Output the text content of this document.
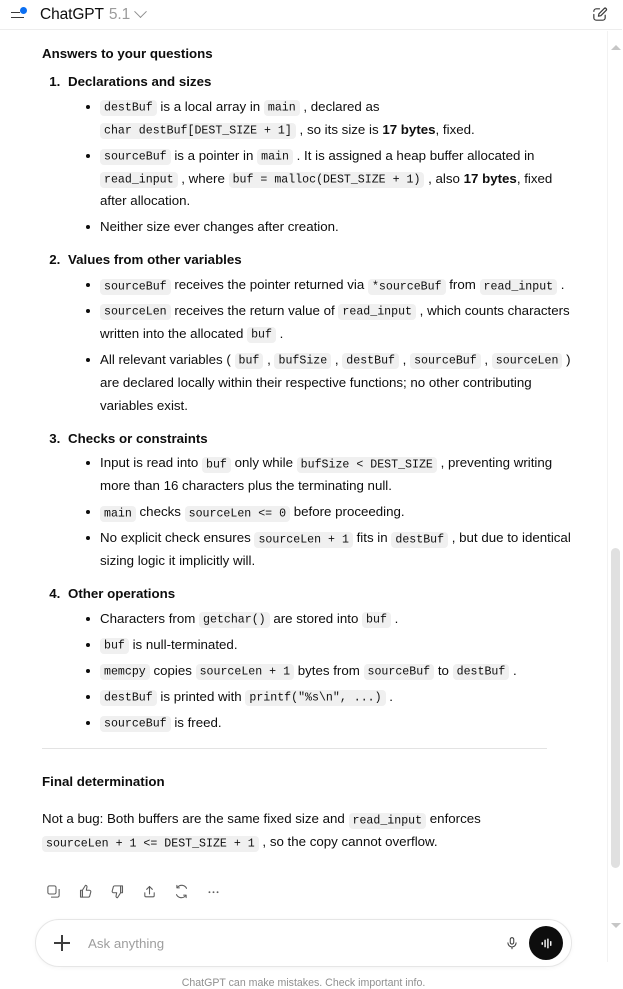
ChatGPT 5.1
Answers to your questions
1. Declarations and sizes
destBuf is a local array in main , declared as char destBuf[DEST_SIZE + 1] , so its size is 17 bytes, fixed.
sourceBuf is a pointer in main . It is assigned a heap buffer allocated in read_input , where buf = malloc(DEST_SIZE + 1) , also 17 bytes, fixed after allocation.
Neither size ever changes after creation.
2. Values from other variables
sourceBuf receives the pointer returned via *sourceBuf from read_input .
sourceLen receives the return value of read_input , which counts characters written into the allocated buf .
All relevant variables ( buf , bufSize , destBuf , sourceBuf , sourceLen ) are declared locally within their respective functions; no other contributing variables exist.
3. Checks or constraints
Input is read into buf only while bufSize < DEST_SIZE , preventing writing more than 16 characters plus the terminating null.
main checks sourceLen <= 0 before proceeding.
No explicit check ensures sourceLen + 1 fits in destBuf , but due to identical sizing logic it implicitly will.
4. Other operations
Characters from getchar() are stored into buf .
buf is null-terminated.
memcpy copies sourceLen + 1 bytes from sourceBuf to destBuf .
destBuf is printed with printf("%s\n", ...) .
sourceBuf is freed.
Final determination

Not a bug: Both buffers are the same fixed size and read_input enforces sourceLen + 1 <= DEST_SIZE + 1 , so the copy cannot overflow.

Ask anything
ChatGPT can make mistakes. Check important info.
